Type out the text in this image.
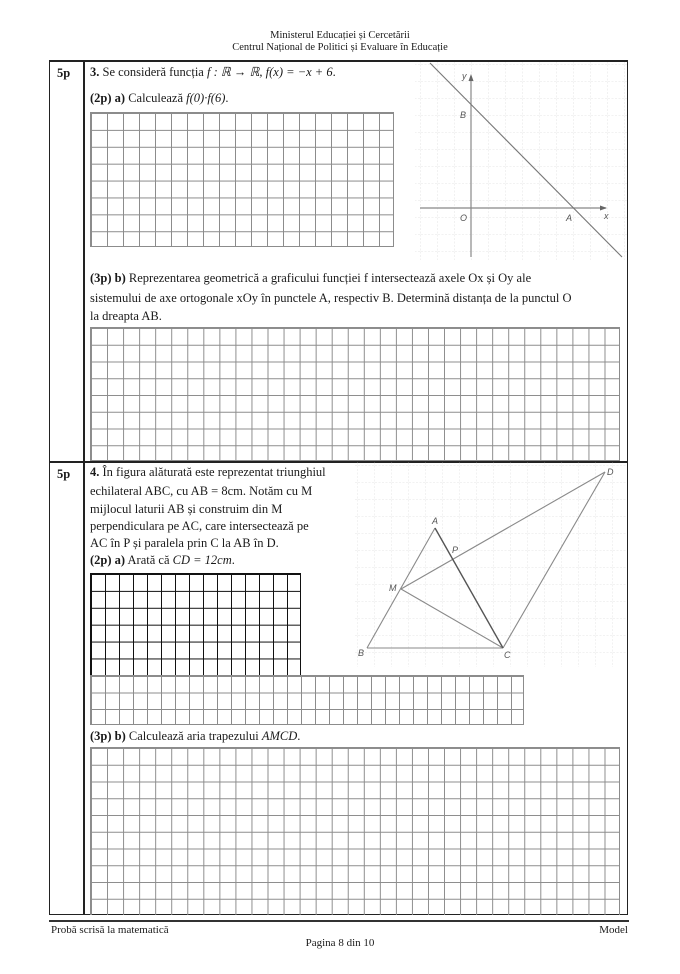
Ministerul Educației și Cercetării
Centrul Național de Politici și Evaluare în Educație
5p 3. Se consideră funcția f : ℝ → ℝ, f(x) = −x + 6.
(2p) a) Calculează f(0)·f(6).
y
B
O	A	x
(3p) b) Reprezentarea geometrică a graficului funcției f intersectează axele Ox și Oy ale
sistemului de axe ortogonale xOy în punctele A, respectiv B. Determină distanța de la punctul O
la dreapta AB.
5p 4. În figura alăturată este reprezentat triunghiul
echilateral ABC, cu AB = 8cm. Notăm cu M
mijlocul laturii AB și construim din M
perpendiculara pe AC, care intersectează pe
AC în P și paralela prin C la AB în D.
(2p) a) Arată că CD = 12cm.
A
P
M
B	C
D
(3p) b) Calculează aria trapezului AMCD.
Probă scrisă la matematică	Model
Pagina 8 din 10
